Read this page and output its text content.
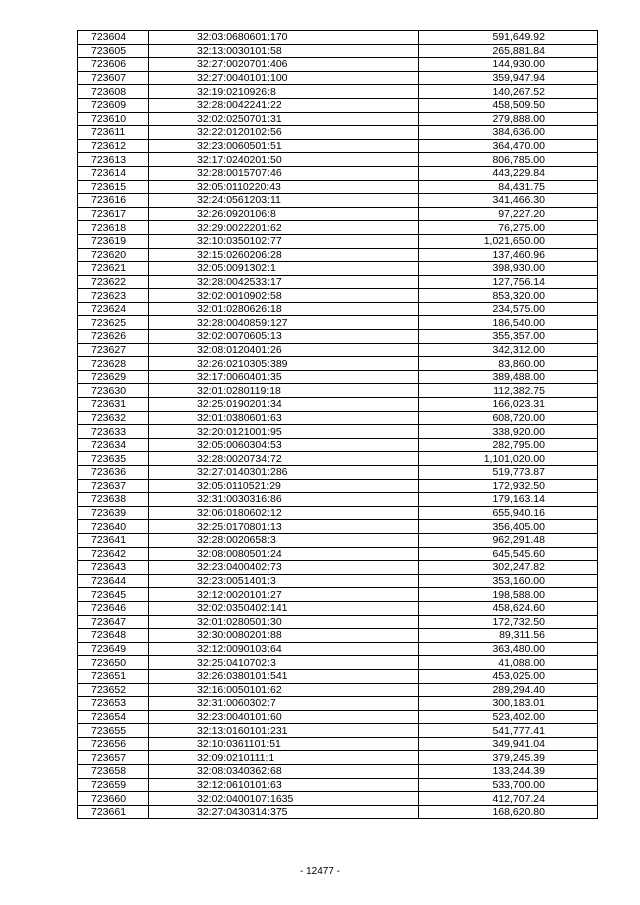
723604	32:03:0680601:170	591,649.92
723605	32:13:0030101:58	265,881.84
723606	32:27:0020701:406	144,930.00
723607	32:27:0040101:100	359,947.94
723608	32:19:0210926:8	140,267.52
723609	32:28:0042241:22	458,509.50
723610	32:02:0250701:31	279,888.00
723611	32:22:0120102:56	384,636.00
723612	32:23:0060501:51	364,470.00
723613	32:17:0240201:50	806,785.00
723614	32:28:0015707:46	443,229.84
723615	32:05:0110220:43	84,431.75
723616	32:24:0561203:11	341,466.30
723617	32:26:0920106:8	97,227.20
723618	32:29:0022201:62	76,275.00
723619	32:10:0350102:77	1,021,650.00
723620	32:15:0260206:28	137,460.96
723621	32:05:0091302:1	398,930.00
723622	32:28:0042533:17	127,756.14
723623	32:02:0010902:58	853,320.00
723624	32:01:0280626:18	234,575.00
723625	32:28:0040859:127	186,540.00
723626	32:02:0070605:13	355,357.00
723627	32:08:0120401:26	342,312.00
723628	32:26:0210305:389	83,860.00
723629	32:17:0060401:35	389,488.00
723630	32:01:0280119:18	112,382.75
723631	32:25:0190201:34	166,023.31
723632	32:01:0380601:63	608,720.00
723633	32:20:0121001:95	338,920.00
723634	32:05:0060304:53	282,795.00
723635	32:28:0020734:72	1,101,020.00
723636	32:27:0140301:286	519,773.87
723637	32:05:0110521:29	172,932.50
723638	32:31:0030316:86	179,163.14
723639	32:06:0180602:12	655,940.16
723640	32:25:0170801:13	356,405.00
723641	32:28:0020658:3	962,291.48
723642	32:08:0080501:24	645,545.60
723643	32:23:0400402:73	302,247.82
723644	32:23:0051401:3	353,160.00
723645	32:12:0020101:27	198,588.00
723646	32:02:0350402:141	458,624.60
723647	32:01:0280501:30	172,732.50
723648	32:30:0080201:88	89,311.56
723649	32:12:0090103:64	363,480.00
723650	32:25:0410702:3	41,088.00
723651	32:26:0380101:541	453,025.00
723652	32:16:0050101:62	289,294.40
723653	32:31:0060302:7	300,183.01
723654	32:23:0040101:60	523,402.00
723655	32:13:0160101:231	541,777.41
723656	32:10:0361101:51	349,941.04
723657	32:09:0210111:1	379,245.39
723658	32:08:0340362:68	133,244.39
723659	32:12:0610101:63	533,700.00
723660	32:02:0400107:1635	412,707.24
723661	32:27:0430314:375	168,620.80
- 12477 -
